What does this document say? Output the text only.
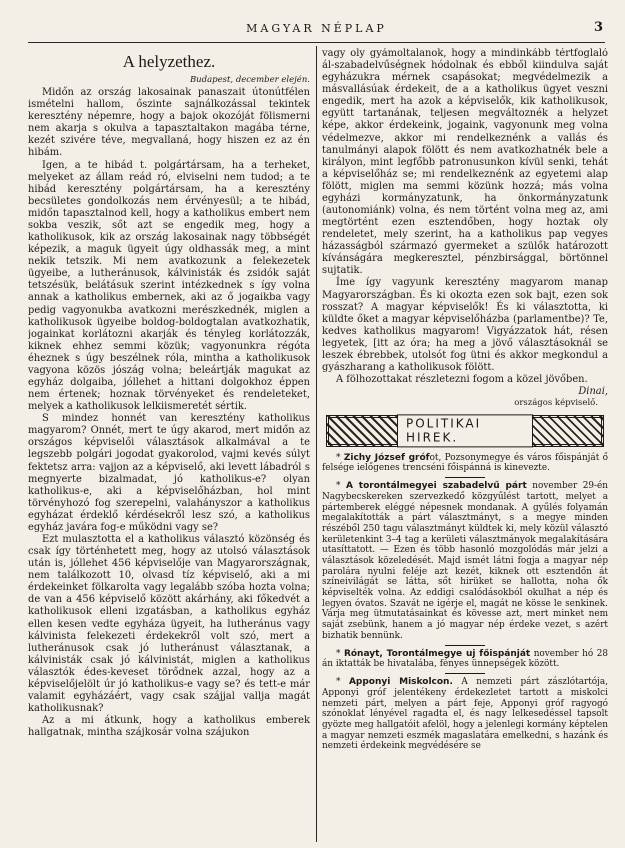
MAGYAR NÉPLAP	3
A helyzethez.
Budapest, december elején.

Midőn az ország lakosainak panaszait útonútfélen ismételni hallom, őszinte sajnálkozással tekintek keresztény népemre, hogy a bajok okozóját fölismerni nem akarja s okulva a tapasztaltakon magába térne, kezét szivére téve, megvallaná, hogy hiszen ez az én hibám.

Igen, a te hibád t. polgártársam, ha a terheket, melyeket az állam reád ró, elviselni nem tudod; a te hibád keresztény polgártársam, ha a keresztény becsületes gondolkozás nem érvényesül; a te hibád, midőn tapasztalnod kell, hogy a katholikus embert nem sokba veszik, sőt azt se engedik meg, hogy a katholikusok, kik az ország lakosainak nagy többségét képezik, a maguk ügyeit úgy oldhassák meg, a mint nekik tetszik. Mi nem avatkozunk a felekezetek ügyeibe, a lutheránusok, kálvinisták és zsidók saját tetszésük, belátásuk szerint intézkednek s így volna annak a katholikus embernek, aki az ő jogaikba vagy pedig vagyonukba avatkozni merészkednék, miglen a katholikusok ügyeibe boldog-boldogtalan avatkozhatik, jogainkat korlátozni akarják és tényleg korlátozzák, kiknek ehhez semmi közük; vagyonunkra régóta éheznek s úgy beszélnek róla, mintha a katholikusok vagyona közös jószág volna; beleártják magukat az egyház dolgaiba, jóllehet a hittani dolgokhoz éppen nem értenek; hoznak törvényeket és rendeleteket, melyek a katholikusok lelkiismeretét sértik.

S mindez honnét van keresztény katholikus magyarom? Onnét, mert te úgy akarod, mert midőn az országos képviselői választások alkalmával a te legszebb polgári jogodat gyakorolod, vajmi kevés súlyt fektetsz arra: vajjon az a képviselő, aki levett lábadról s megnyerte bizalmadat, jó katholikus-e? olyan katholikus-e, aki a képviselőházban, hol mint törvényhozó fog szerepelni, valahányszor a katholikus egyházat érdeklő kérdésekről lesz szó, a katholikus egyház javára fog-e működni vagy se?

Ezt mulasztotta el a katholikus választó közönség és csak így történhetett meg, hogy az utolsó választások után is, jóllehet 456 képviselője van Magyarországnak, nem találkozott 10, olvasd tíz képviselő, aki a mi érdekeinket fölkarolta vagy legalább szóba hozta volna; de van a 456 képviselő között akárhány, aki főkedvét a katholikusok elleni izgatásban, a katholikus egyház ellen kesen vedte egyháza ügyeit, ha lutheránus vagy kálvinista felekezeti érdekekről volt szó, mert a lutheránusok csak jó lutheránust választanak, a kálvinisták csak jó kálvinistát, miglen a katholikus választók édes-keveset törődnek azzal, hogy az a képviselőjelölt úr jó katholikus-e vagy se? és tett-e már valamit egyházáért, vagy csak szájjal vallja magát katholikusnak?

Az a mi átkunk, hogy a katholikus emberek hallgatnak, mintha szájkosár volna szájukon

vagy oly gyámoltalanok, hogy a mindinkább tértfoglaló ál-szabadelvűségnek hódolnak és ebből kiindulva saját egyházukra mérnek csapásokat; megvédelmezik a másvallásúak érdekeit, de a a katholikus ügyet veszni engedik, mert ha azok a képviselők, kik katholikusok, együtt tartanának, teljesen megváltoznék a helyzet képe, akkor érdekeink, jogaink, vagyonunk meg volna védelmezve, akkor mi rendelkeznénk a vallás és tanulmányi alapok fölött és nem avatkozhatnék bele a királyon, mint legfőbb patronusunkon kívül senki, tehát a képviselőház se; mi rendelkeznénk az egyetemi alap fölött, miglen ma semmi közünk hozzá; más volna egyházi kormányzatunk, ha önkormányzatunk (autonomiánk) volna, és nem történt volna meg az, ami megtörtént ezen esztendőben, hogy hoztak oly rendeletet, mely szerint, ha a katholikus pap vegyes házasságból származó gyermeket a szülők határozott kívánságára megkeresztel, pénzbirsággal, börtönnel sujtatik.

Íme így vagyunk keresztény magyarom manap Magyarországban. És ki okozta ezen sok bajt, ezen sok rosszat? A magyar képviselők! És ki választotta, ki küldte őket a magyar képviselőházba (parlamentbe)? Te, kedves katholikus magyarom! Vigyázzatok hát, résen legyetek, [itt az óra; ha meg a jövő választásoknál se leszek ébrebbek, utolsót fog ütni és akkor megkondul a gyászharang a katholikusok fölött.

A fölhozottakat részletezni fogom a közel jövőben.

Dinai,

országos képviselő.

POLITIKAI HIREK.

* Zichy József grófot, Pozsonymegye és város főispánját ő felsége ielőgenes trencséni főispánná is kinevezte.

* A torontálmegyei szabadelvű párt november 29-én Nagybecskereken szervezkedő közgyűlést tartott, melyet a pártemberek eléggé népesnek mondanak. A gyűlés folyamán megalakították a párt választmányt, s a megye minden részéből 250 tagu választmányt küldtek ki, mely közül választó kerületenkint 3–4 tag a kerületi választmányok megalakítására utasíttatott. — Ezen és több hasonló mozgolódás már jelzi a választások közeledését. Majd ismét látni fogja a magyar nép parolára nyulni feléje azt kezét, kiknek ott esztendőn át színeivilágát se látta, sőt hirüket se hallotta, noha ők képviselték volna. Az eddigi csalódásokból okulhat a nép és legyen óvatos. Szavát ne igérje el, magát ne kösse le senkinek. Várja meg ütmutatásainkat és kövesse azt, mert minket nem saját zsebünk, hanem a jó magyar nép érdeke vezet, s azért bizhatik bennünk.

* Rónayt, Torontálmegye uj főispánját november hó 28 án iktatták be hivatalába, fényes ünnepségek között.

* Apponyi Miskolcon. A nemzeti párt zászlótartója, Apponyi gróf jelentékeny érdekezletet tartott a miskolci nemzeti párt, melyen a párt feje, Apponyi gróf ragyogó szónoklat lényével ragadta el, és nagy lelkesedéssel tapsolt gyözte meg hallgatóit afelöl, hogy a jelenlegi kormány képtelen a magyar nemzeti eszmék magaslatára emelkedni, s hazánk és nemzeti érdekeink megvédésére se
